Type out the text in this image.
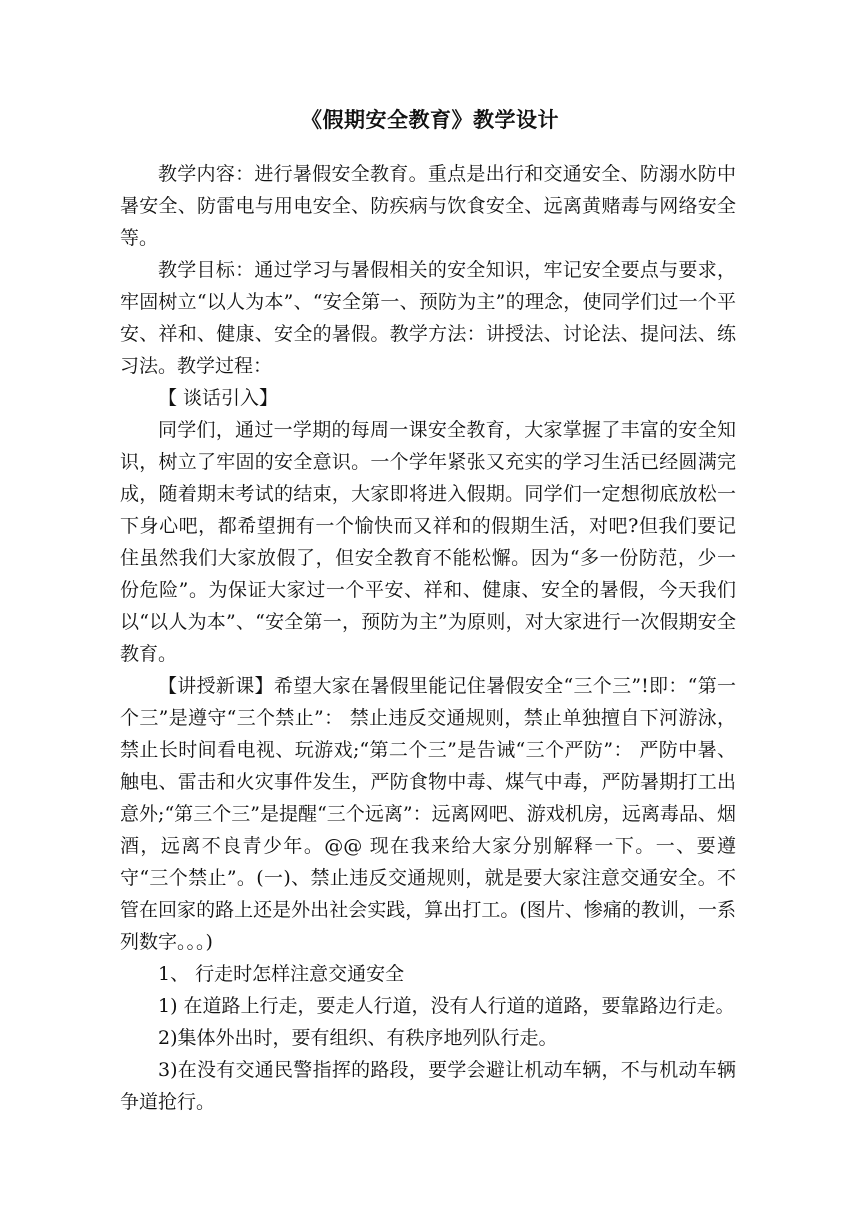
《假期安全教育》教学设计

教学内容：进行暑假安全教育。重点是出行和交通安全、防溺水防中暑安全、防雷电与用电安全、防疾病与饮食安全、远离黄赌毒与网络安全等。

教学目标：通过学习与暑假相关的安全知识，牢记安全要点与要求，牢固树立“以人为本”、“安全第一、预防为主”的理念，使同学们过一个平安、祥和、健康、安全的暑假。教学方法：讲授法、讨论法、提问法、练习法。教学过程：

【 谈话引入】

同学们，通过一学期的每周一课安全教育，大家掌握了丰富的安全知识，树立了牢固的安全意识。一个学年紧张又充实的学习生活已经圆满完成，随着期末考试的结束，大家即将进入假期。同学们一定想彻底放松一下身心吧，都希望拥有一个愉快而又祥和的假期生活，对吧?但我们要记住虽然我们大家放假了，但安全教育不能松懈。因为“多一份防范，少一份危险”。为保证大家过一个平安、祥和、健康、安全的暑假，今天我们以“以人为本”、“安全第一，预防为主”为原则，对大家进行一次假期安全教育。

【讲授新课】希望大家在暑假里能记住暑假安全“三个三”!即：“第一个三”是遵守“三个禁止”： 禁止违反交通规则，禁止单独擅自下河游泳，禁止长时间看电视、玩游戏;“第二个三”是告诫“三个严防”： 严防中暑、触电、雷击和火灾事件发生，严防食物中毒、煤气中毒，严防暑期打工出意外;“第三个三”是提醒“三个远离”：远离网吧、游戏机房，远离毒品、烟酒，远离不良青少年。@@ 现在我来给大家分别解释一下。一、要遵守“三个禁止”。(一)、禁止违反交通规则，就是要大家注意交通安全。不管在回家的路上还是外出社会实践，算出打工。(图片、惨痛的教训，一系列数字。。。)

1、 行走时怎样注意交通安全

1) 在道路上行走，要走人行道，没有人行道的道路，要靠路边行走。

2)集体外出时，要有组织、有秩序地列队行走。

3)在没有交通民警指挥的路段，要学会避让机动车辆，不与机动车辆争道抢行。
